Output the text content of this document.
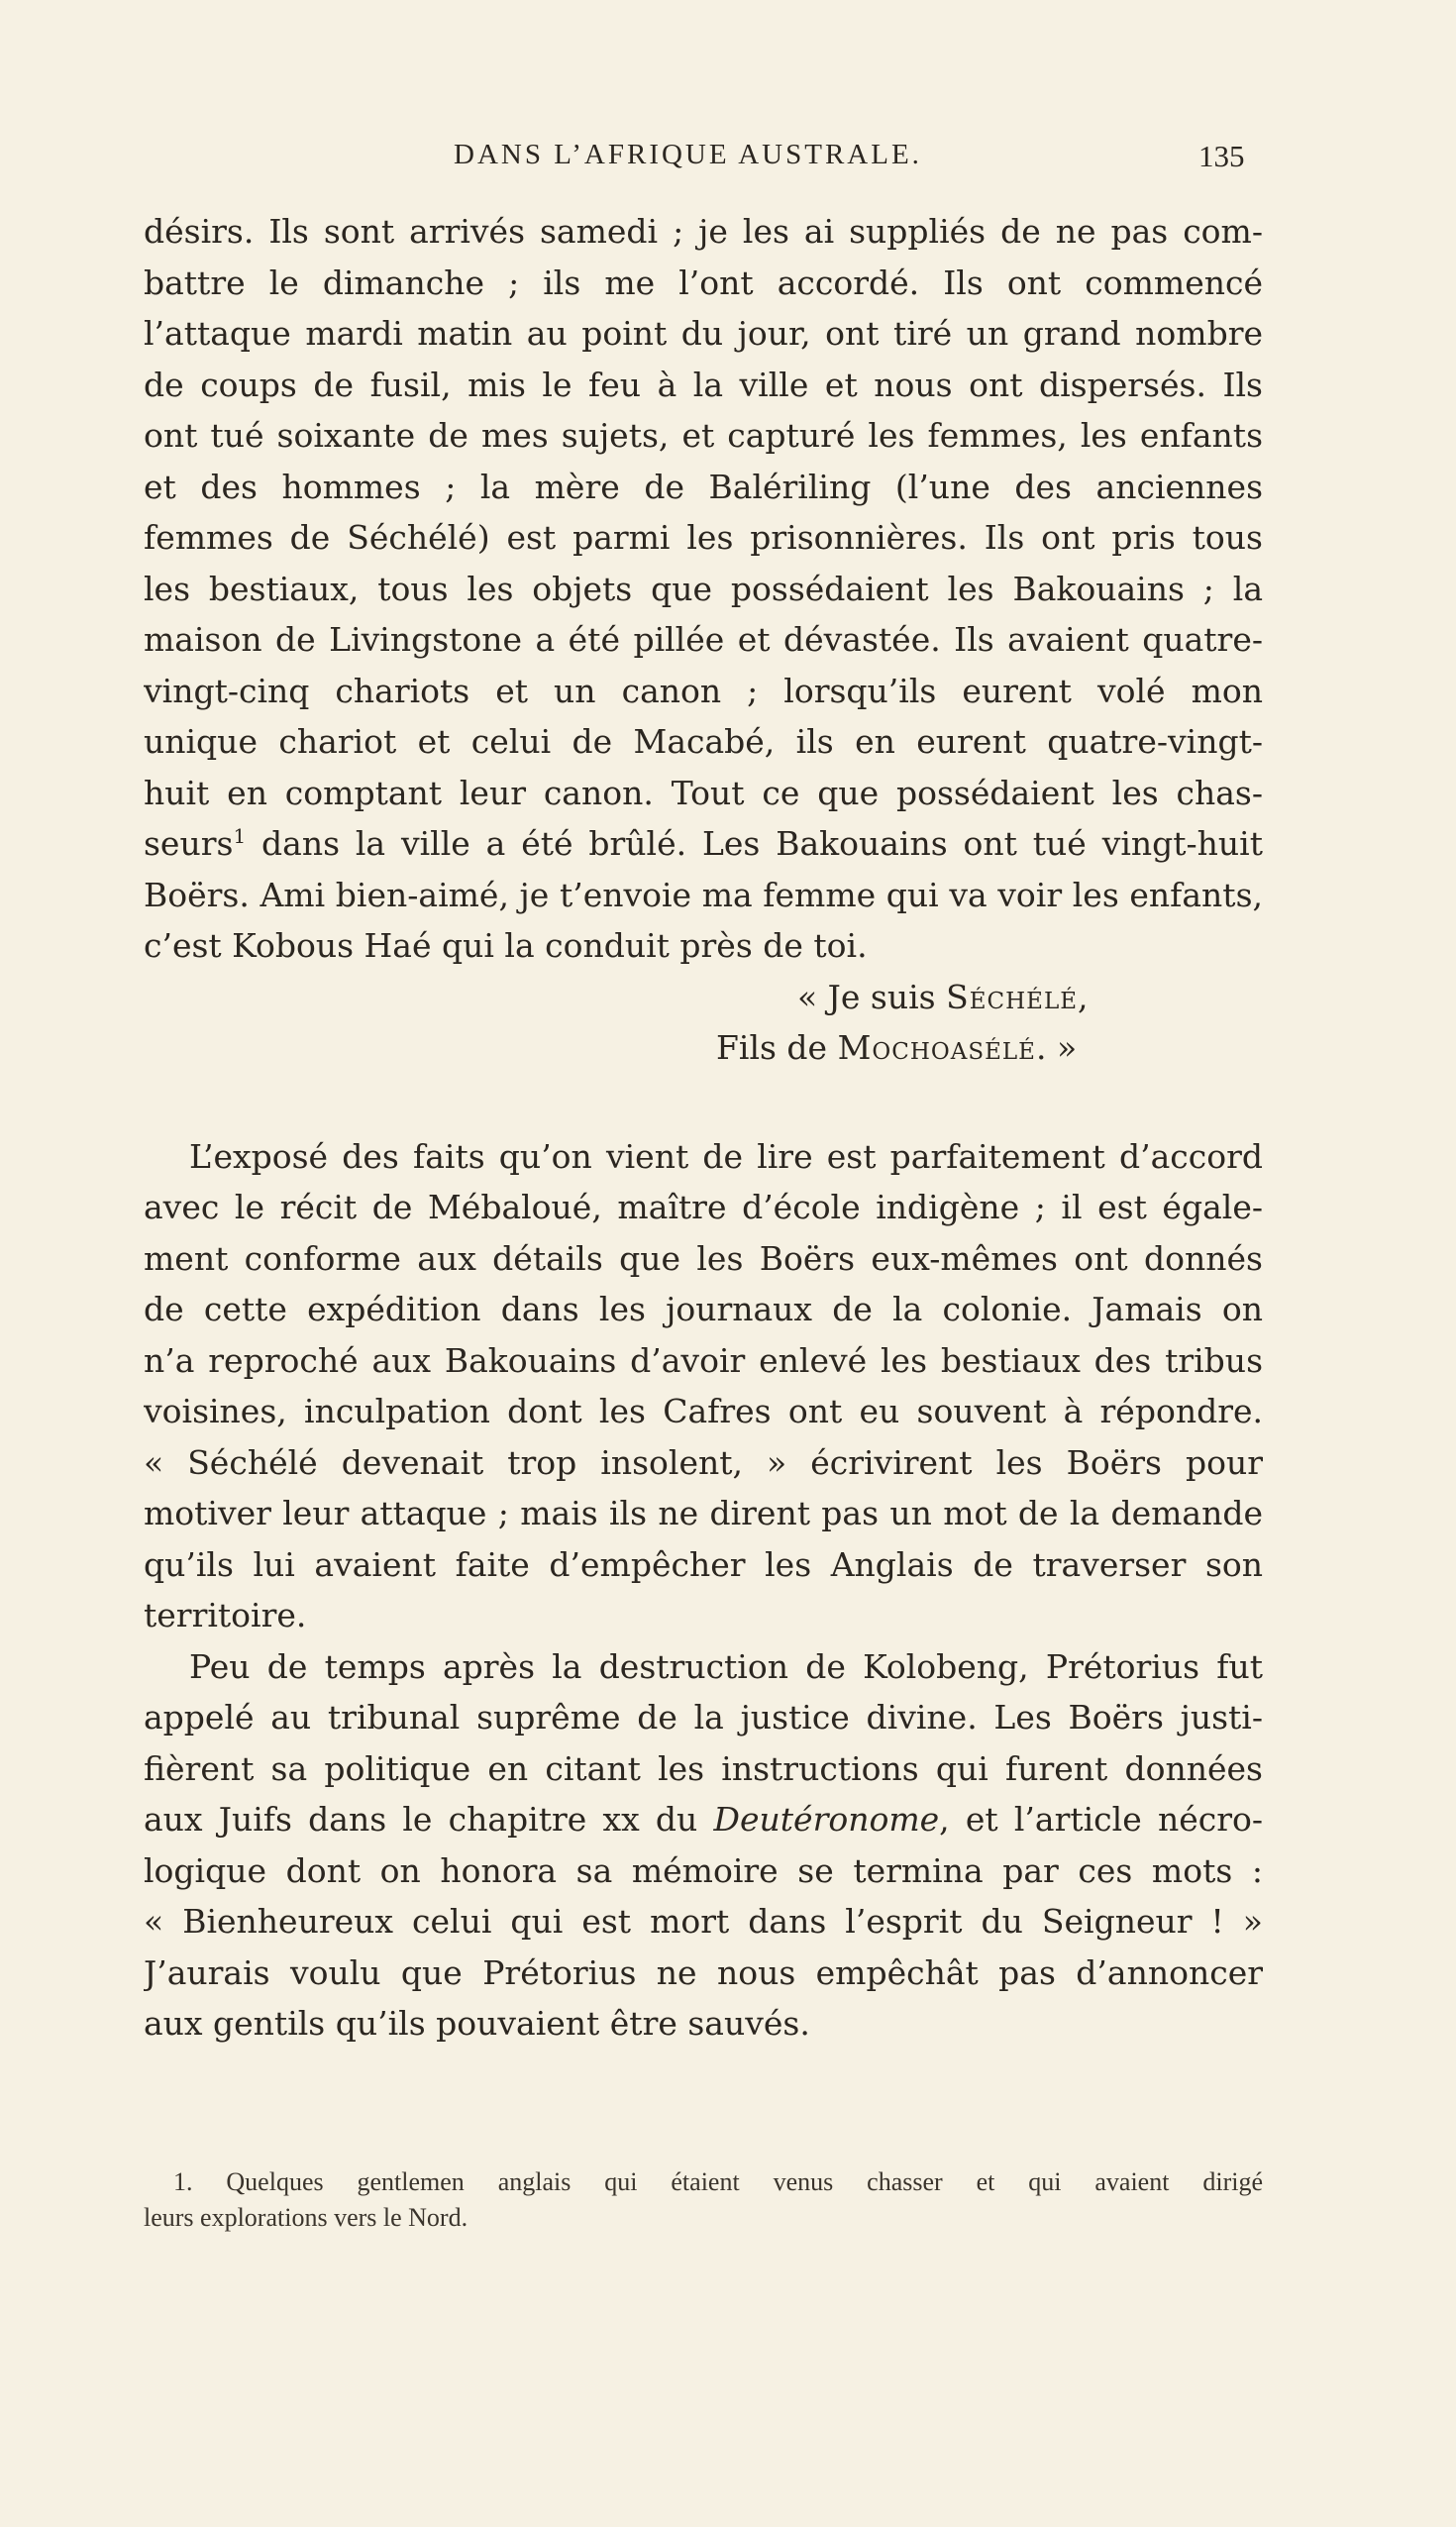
DANS L’AFRIQUE AUSTRALE.	135
désirs. Ils sont arrivés samedi ; je les ai suppliés de ne pas com-
battre le dimanche ; ils me l’ont accordé. Ils ont commencé
l’attaque mardi matin au point du jour, ont tiré un grand nombre
de coups de fusil, mis le feu à la ville et nous ont dispersés. Ils
ont tué soixante de mes sujets, et capturé les femmes, les enfants
et des hommes ; la mère de Balériling (l’une des anciennes
femmes de Séchélé) est parmi les prisonnières. Ils ont pris tous
les bestiaux, tous les objets que possédaient les Bakouains ; la
maison de Livingstone a été pillée et dévastée. Ils avaient quatre-
vingt-cinq chariots et un canon ; lorsqu’ils eurent volé mon
unique chariot et celui de Macabé, ils en eurent quatre-vingt-
huit en comptant leur canon. Tout ce que possédaient les chas-
seurs$^1$ dans la ville a été brûlé. Les Bakouains ont tué vingt-huit
Boërs. Ami bien-aimé, je t’envoie ma femme qui va voir les enfants,
c’est Kobous Haé qui la conduit près de toi.
« Je suis Séchélé,
Fils de Mochoasélé. »
L’exposé des faits qu’on vient de lire est parfaitement d’accord
avec le récit de Mébaloué, maître d’école indigène ; il est égale-
ment conforme aux détails que les Boërs eux-mêmes ont donnés
de cette expédition dans les journaux de la colonie. Jamais on
n’a reproché aux Bakouains d’avoir enlevé les bestiaux des tribus
voisines, inculpation dont les Cafres ont eu souvent à répondre.
« Séchélé devenait trop insolent, » écrivirent les Boërs pour
motiver leur attaque ; mais ils ne dirent pas un mot de la demande
qu’ils lui avaient faite d’empêcher les Anglais de traverser son
territoire.
Peu de temps après la destruction de Kolobeng, Prétorius fut
appelé au tribunal suprême de la justice divine. Les Boërs justi-
fièrent sa politique en citant les instructions qui furent données
aux Juifs dans le chapitre xx du Deutéronome, et l’article nécro-
logique dont on honora sa mémoire se termina par ces mots :
« Bienheureux celui qui est mort dans l’esprit du Seigneur ! »
J’aurais voulu que Prétorius ne nous empêchât pas d’annoncer
aux gentils qu’ils pouvaient être sauvés.
1. Quelques gentlemen anglais qui étaient venus chasser et qui avaient dirigé
leurs explorations vers le Nord.
